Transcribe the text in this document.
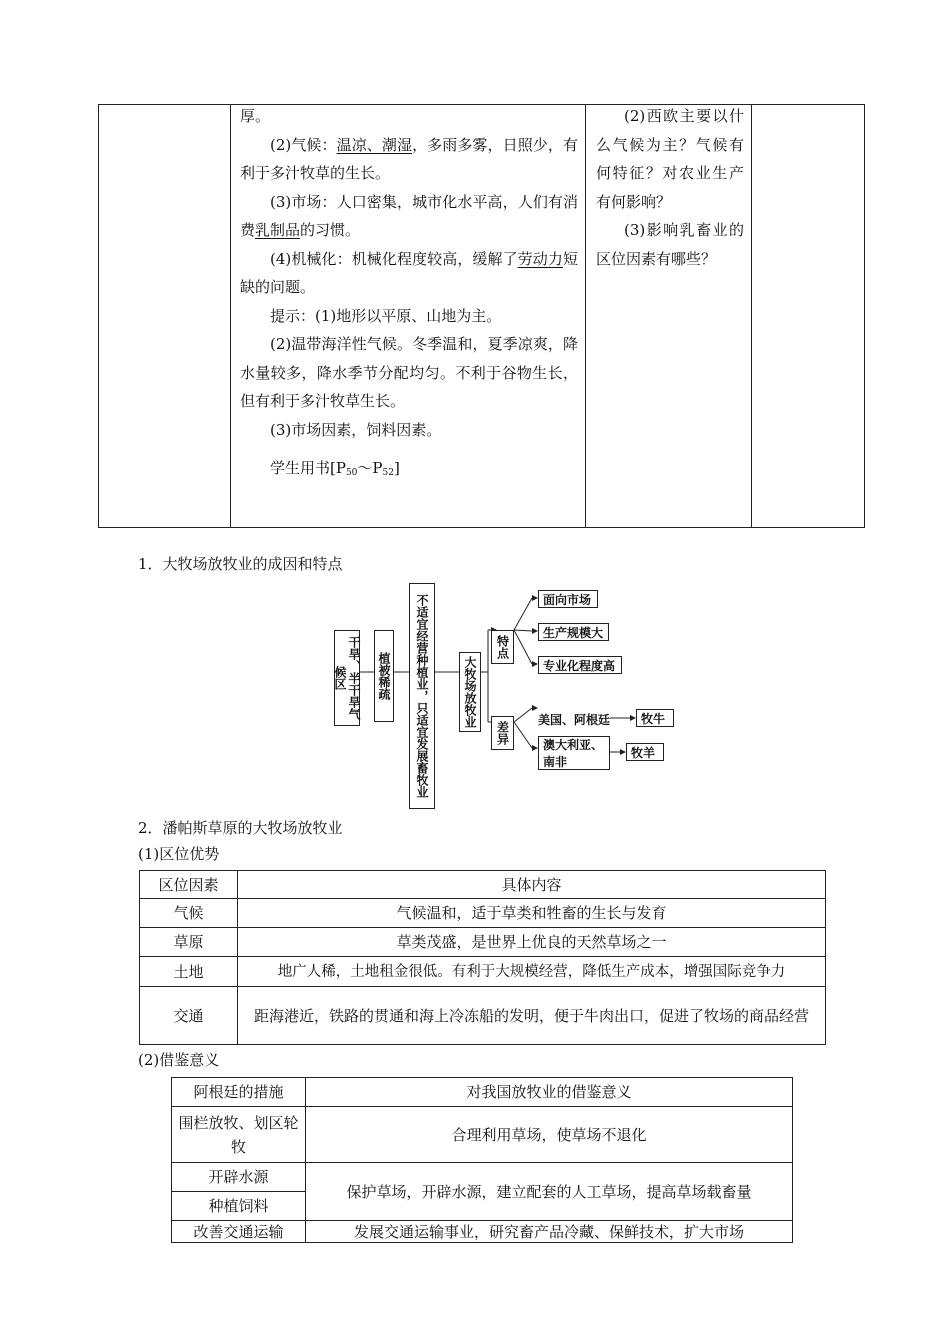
厚。

(2)气候：温凉、潮湿，多雨多雾，日照少，有利于多汁牧草的生长。

(3)市场：人口密集，城市化水平高，人们有消费乳制品的习惯。

(4)机械化：机械化程度较高，缓解了劳动力短缺的问题。

提示：(1)地形以平原、山地为主。

(2)温带海洋性气候。冬季温和，夏季凉爽，降水量较多，降水季节分配均匀。不利于谷物生长，但有利于多汁牧草生长。

(3)市场因素，饲料因素。

学生用书$[P_{50}\sim P_{52}]$

(2)西欧主要以什么气候为主？气候有何特征？对农业生产有何影响？

(3)影响乳畜业的区位因素有哪些？

1．大牧场放牧业的成因和特点
干旱、半干旱气候区	植被稀疏 不适宜经营种植业，只适宜发展畜牧业	大牧场放牧业
特点
面向市场
生产规模大
专业化程度高
差异
美国、阿根廷	牧牛
澳大利亚、
南非
牧羊
2．潘帕斯草原的大牧场放牧业
(1)区位优势
区位因素	具体内容
气候	气候温和，适于草类和牲畜的生长与发育
草原	草类茂盛，是世界上优良的天然草场之一
土地	地广人稀，土地租金很低。有利于大规模经营，降低生产成本，增强国际竞争力
交通	距海港近，铁路的贯通和海上冷冻船的发明，便于牛肉出口，促进了牧场的商品经营
(2)借鉴意义
阿根廷的措施	对我国放牧业的借鉴意义
围栏放牧、划区轮牧	合理利用草场，使草场不退化
开辟水源	保护草场，开辟水源，建立配套的人工草场，提高草场载畜量
种植饲料	
改善交通运输	发展交通运输事业，研究畜产品冷藏、保鲜技术，扩大市场
